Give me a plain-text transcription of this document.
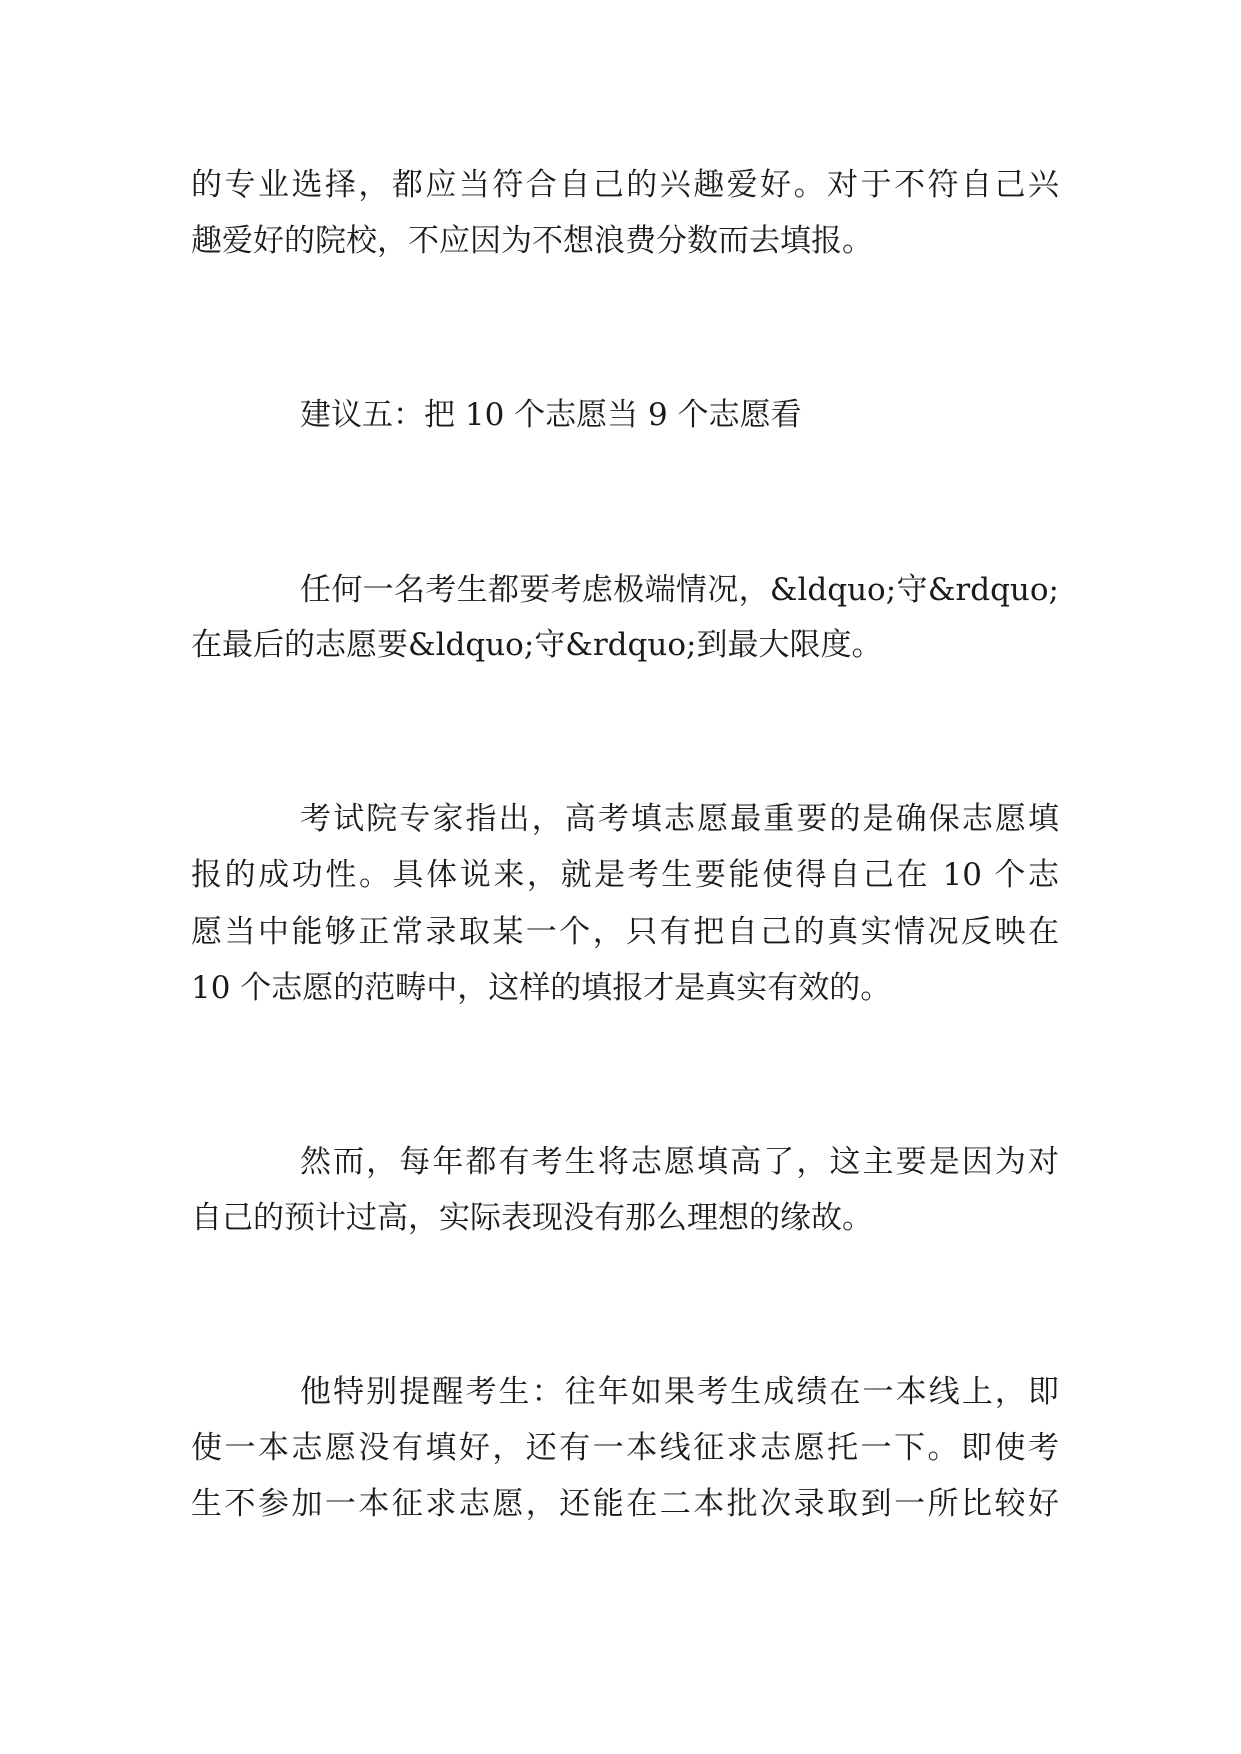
的专业选择，都应当符合自己的兴趣爱好。对于不符自己兴
趣爱好的院校，不应因为不想浪费分数而去填报。
建议五：把 10 个志愿当 9 个志愿看
任何一名考生都要考虑极端情况，&ldquo;守&rdquo;
在最后的志愿要&ldquo;守&rdquo;到最大限度。
考试院专家指出，高考填志愿最重要的是确保志愿填
报的成功性。具体说来，就是考生要能使得自己在 10 个志
愿当中能够正常录取某一个，只有把自己的真实情况反映在
10 个志愿的范畴中，这样的填报才是真实有效的。
然而，每年都有考生将志愿填高了，这主要是因为对
自己的预计过高，实际表现没有那么理想的缘故。
他特别提醒考生：往年如果考生成绩在一本线上，即
使一本志愿没有填好，还有一本线征求志愿托一下。即使考
生不参加一本征求志愿，还能在二本批次录取到一所比较好
